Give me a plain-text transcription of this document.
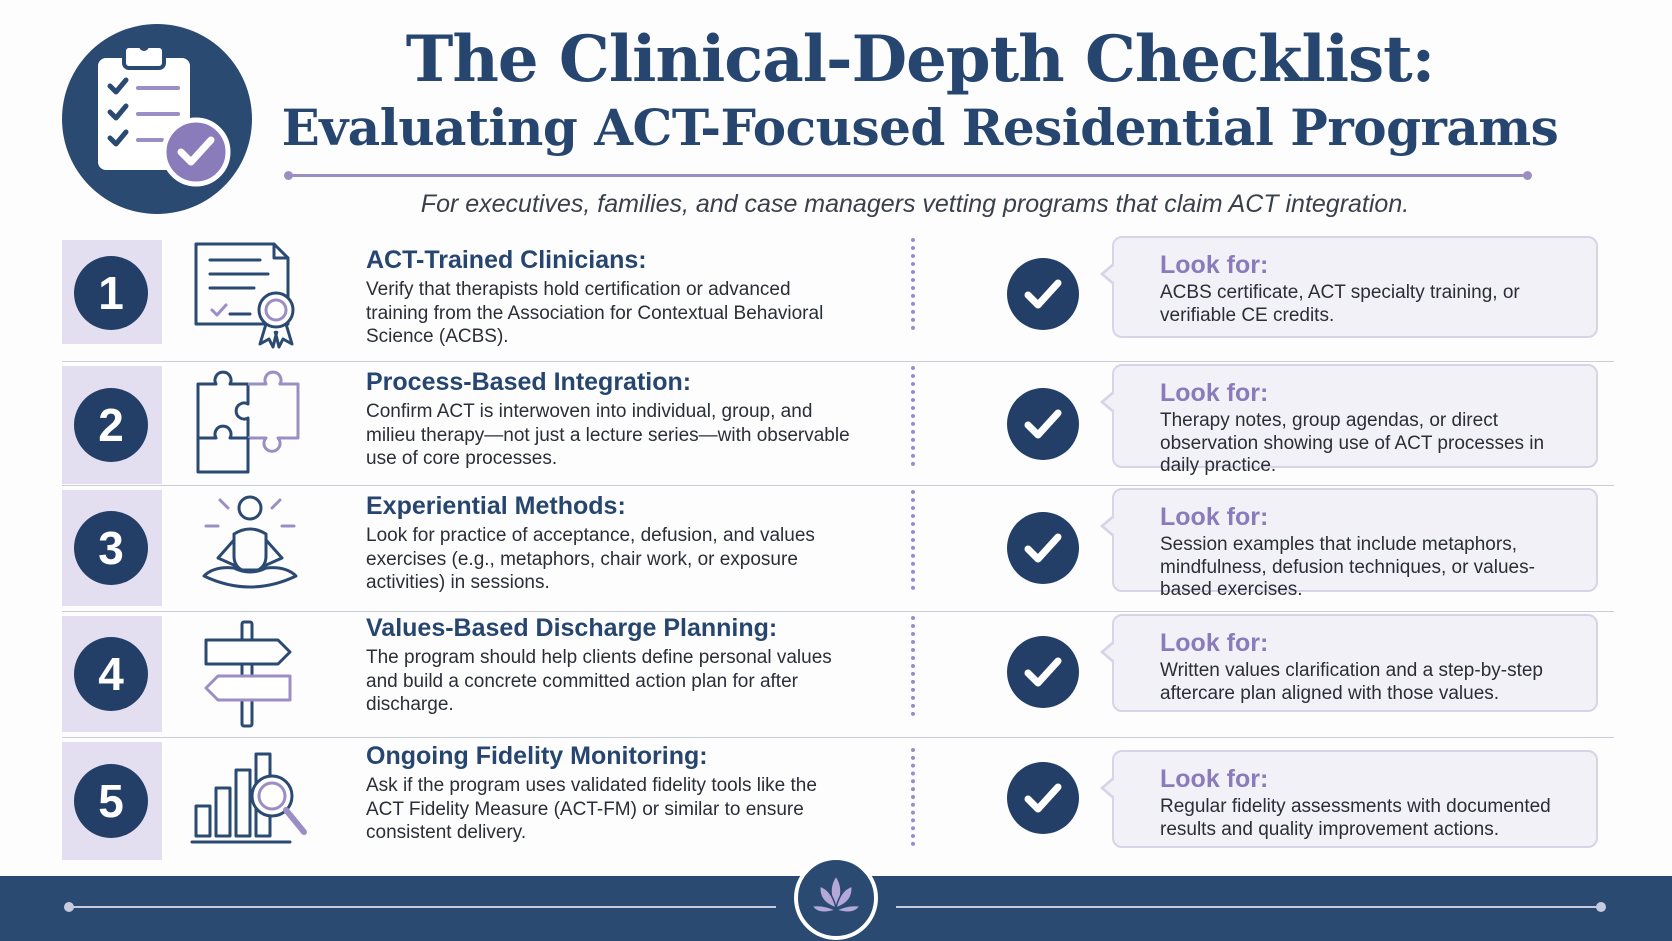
The Clinical-Depth Checklist:
Evaluating ACT-Focused Residential Programs

For executives, families, and case managers vetting programs that claim ACT integration.

1
ACT-Trained Clinicians:
Verify that therapists hold certification or advanced training from the Association for Contextual Behavioral Science (ACBS).
Look for:
ACBS certificate, ACT specialty training, or verifiable CE credits.
2
Process-Based Integration:
Confirm ACT is interwoven into individual, group, and milieu therapy—not just a lecture series—with observable use of core processes.
Look for:
Therapy notes, group agendas, or direct observation showing use of ACT processes in daily practice.
3
Experiential Methods:
Look for practice of acceptance, defusion, and values exercises (e.g., metaphors, chair work, or exposure activities) in sessions.
Look for:
Session examples that include metaphors, mindfulness, defusion techniques, or values-based exercises.
4
Values-Based Discharge Planning:
The program should help clients define personal values and build a concrete committed action plan for after discharge.
Look for:
Written values clarification and a step-by-step aftercare plan aligned with those values.
5
Ongoing Fidelity Monitoring:
Ask if the program uses validated fidelity tools like the ACT Fidelity Measure (ACT-FM) or similar to ensure consistent delivery.
Look for:
Regular fidelity assessments with documented results and quality improvement actions.
